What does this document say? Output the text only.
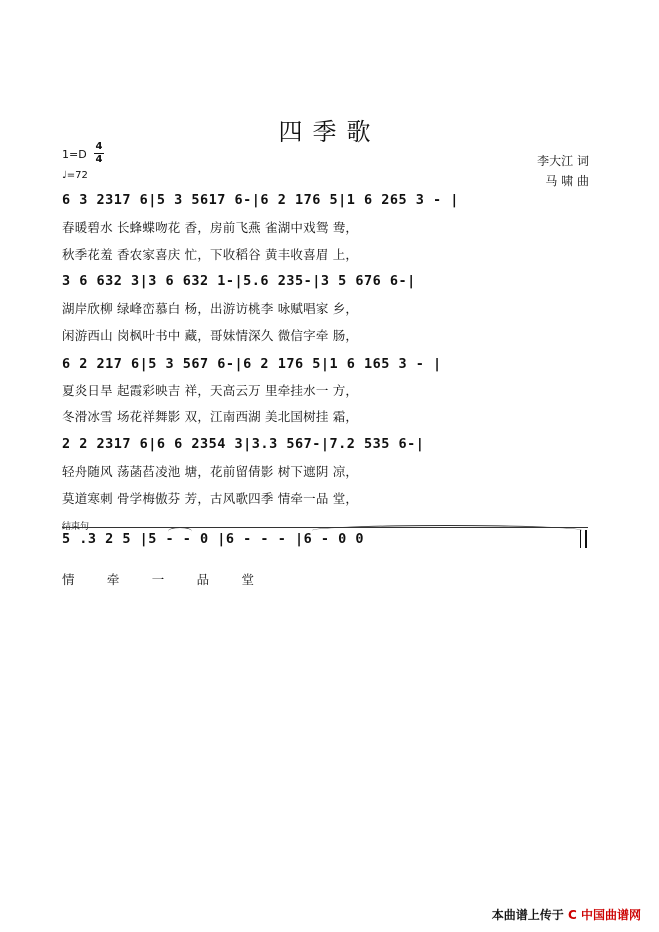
四季歌
1=D
4
4
♩=72
李大江 词
马 啸 曲
6 3 2317 6|5 3 5617 6-|6 2 176 5|1 6 265 3 - |
春暖碧水 长蜂蝶吻花 香，房前飞燕 雀湖中戏鸳 鸯，
秋季花羞 香农家喜庆 忙，下收稻谷 黄丰收喜眉 上，
3 6 632 3|3 6 632 1-|5.6 235-|3 5 676 6-|
湖岸欣柳 绿峰峦慕白 杨，出游访桃李 咏赋唱家 乡，
闲游西山 岗枫叶书中 藏，哥妹情深久 微信字牵 肠，
6 2 217 6|5 3 567 6-|6 2 176 5|1 6 165 3 - |
夏炎日旱 起霞彩映吉 祥，天高云万 里牵挂水一 方，
冬滑冰雪 场花祥舞影 双，江南西湖 美北国树挂 霜，
2 2 2317 6|6 6 2354 3|3.3 567-|7.2 535 6-|
轻舟随风 荡菡萏凌池 塘，花前留倩影 树下遮阴 凉，
莫道寒刺 骨学梅傲芬 芳，古风歌四季 情牵一品 堂，
结束句
5 .3 2 5 |5 - - 0 |6 - - - |6 - 0 0
情 牵 一 品 堂
本曲谱上传于 C 中国曲谱网
